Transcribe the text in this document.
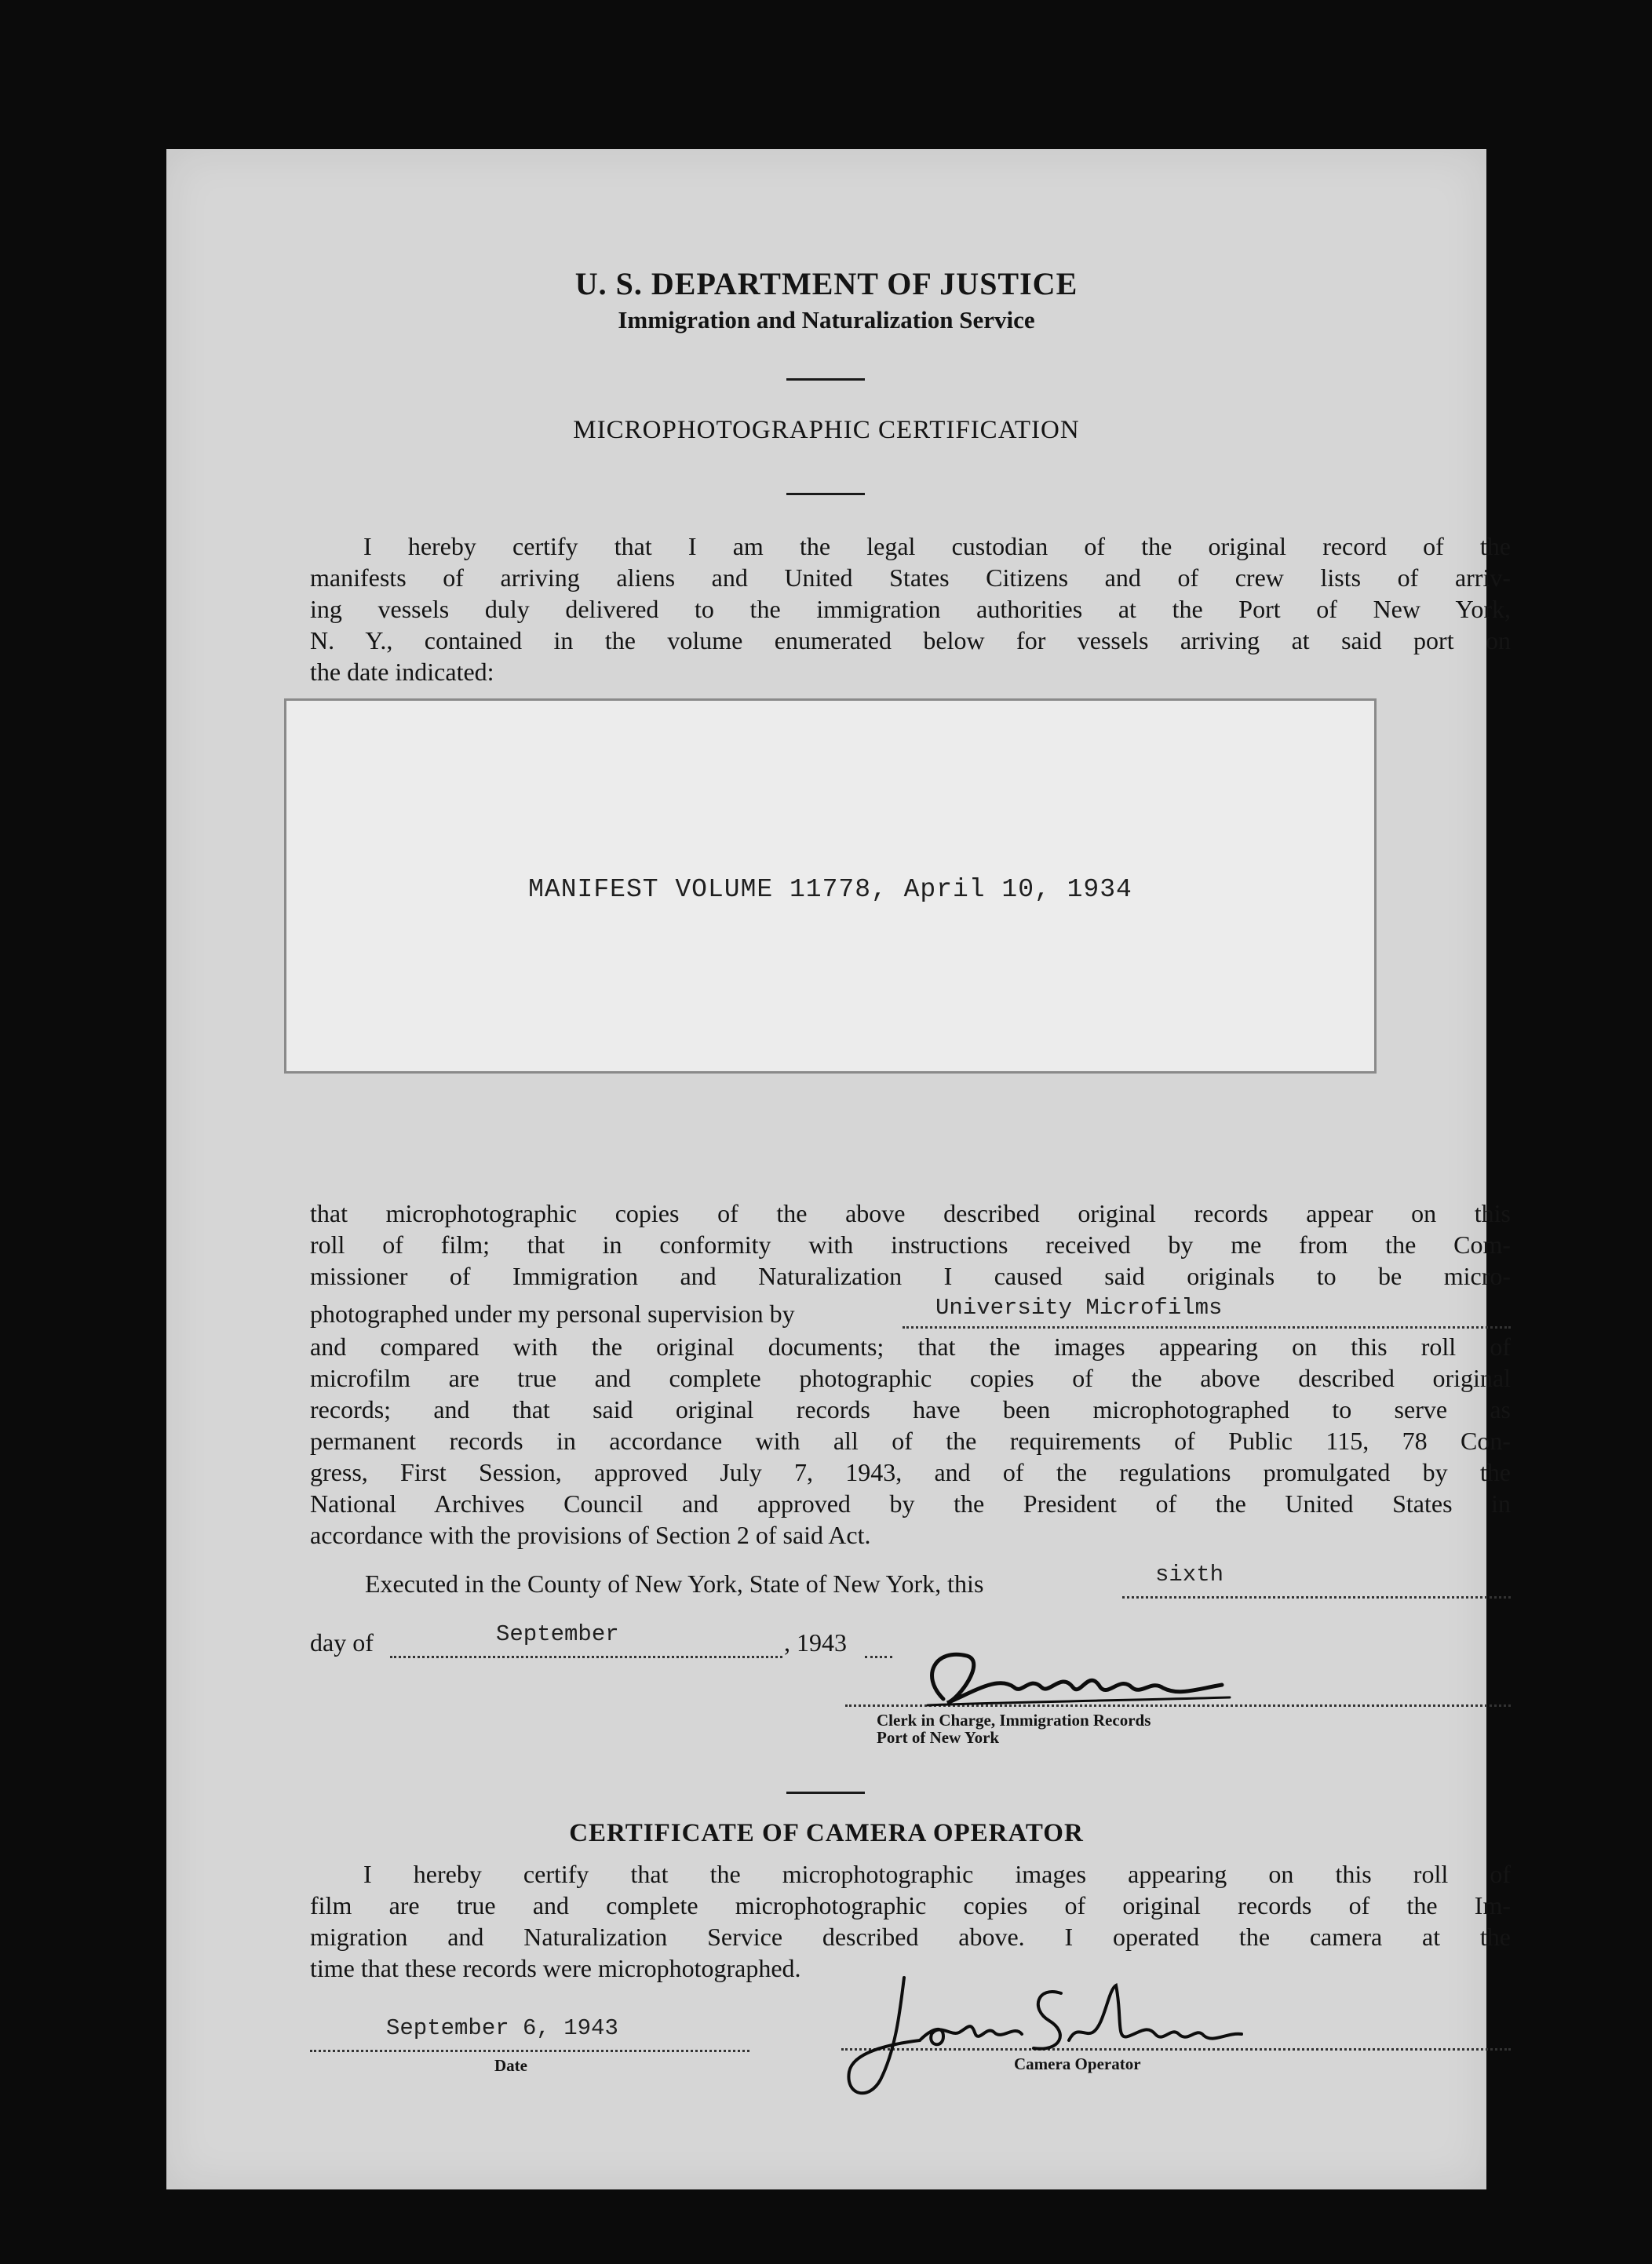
U. S. DEPARTMENT OF JUSTICE
Immigration and Naturalization Service
MICROPHOTOGRAPHIC CERTIFICATION
I hereby certify that I am the legal custodian of the original record of the
manifests of arriving aliens and United States Citizens and of crew lists of arriv-
ing vessels duly delivered to the immigration authorities at the Port of New York,
N. Y., contained in the volume enumerated below for vessels arriving at said port on
the date indicated:
MANIFEST VOLUME 11778, April 10, 1934
that microphotographic copies of the above described original records appear on this
roll of film; that in conformity with instructions received by me from the Com-
missioner of Immigration and Naturalization I caused said originals to be micro-
photographed under my personal supervision by	University Microfilms
and compared with the original documents; that the images appearing on this roll of
microfilm are true and complete photographic copies of the above described original
records; and that said original records have been microphotographed to serve as
permanent records in accordance with all of the requirements of Public 115, 78 Con-
gress, First Session, approved July 7, 1943, and of the regulations promulgated by the
National Archives Council and approved by the President of the United States in
accordance with the provisions of Section 2 of said Act.
Executed in the County of New York, State of New York, this	sixth
day of	September	, 1943
Clerk in Charge, Immigration Records
Port of New York
CERTIFICATE OF CAMERA OPERATOR
I hereby certify that the microphotographic images appearing on this roll of
film are true and complete microphotographic copies of original records of the Im-
migration and Naturalization Service described above. I operated the camera at the
time that these records were microphotographed.
September 6, 1943
Date	Camera Operator
